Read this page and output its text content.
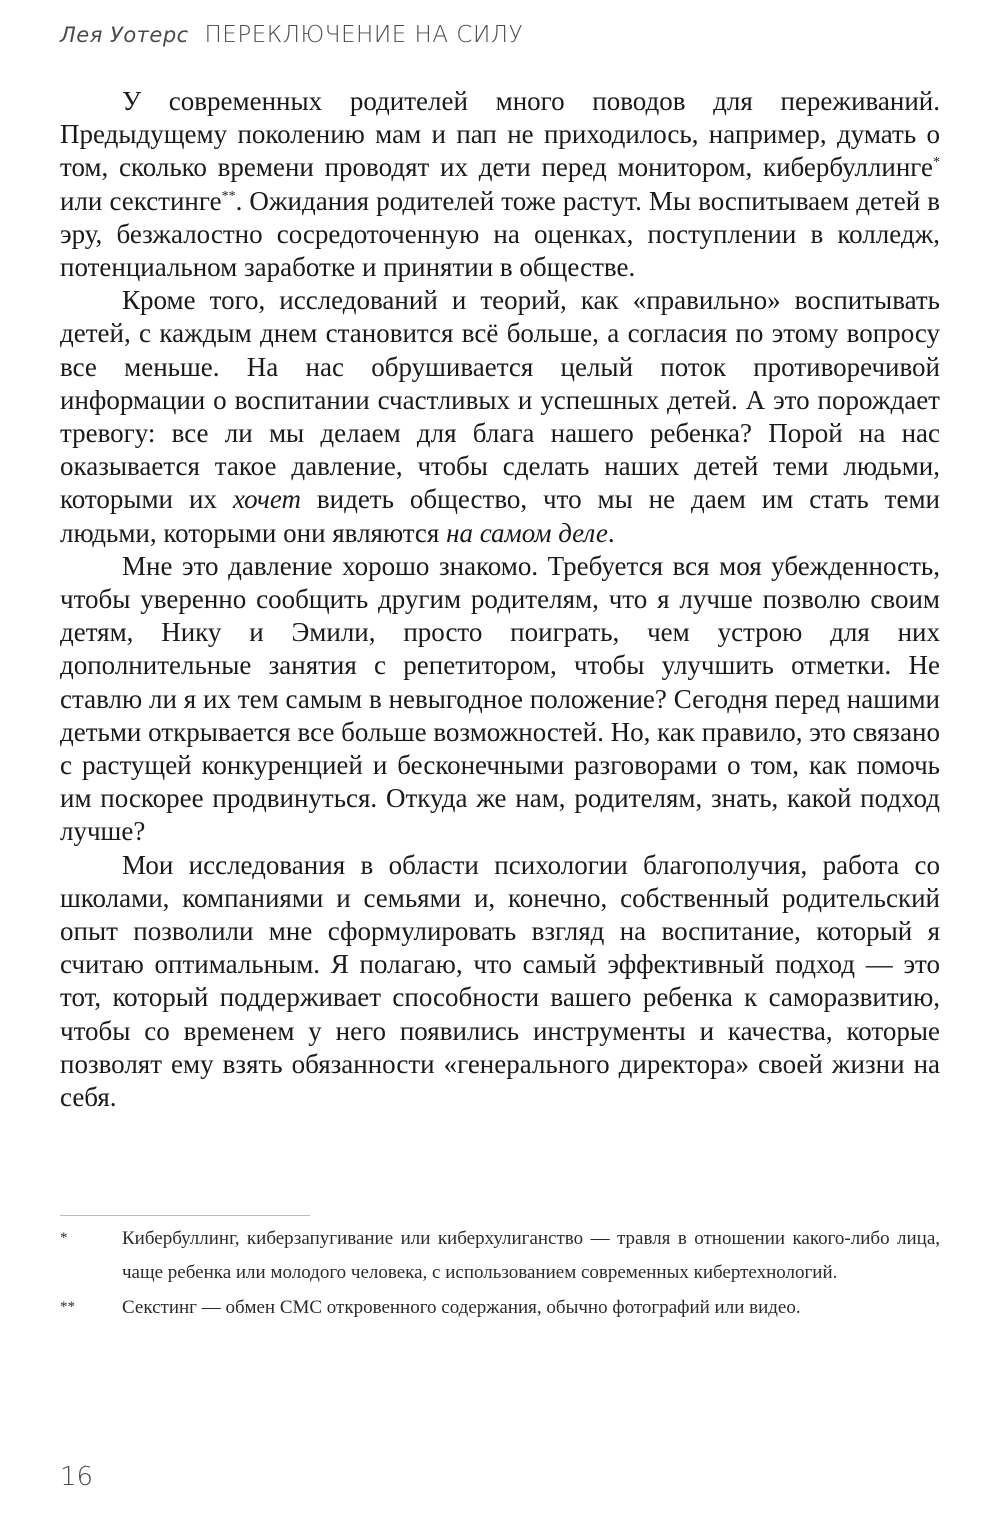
Лея Уотерс ПЕРЕКЛЮЧЕНИЕ НА СИЛУ

У современных родителей много поводов для переживаний. Предыдущему поколению мам и пап не приходилось, например, думать о том, сколько времени проводят их дети перед монитором, кибербуллинге* или секстинге**. Ожидания родителей тоже растут. Мы воспитываем детей в эру, безжалостно сосредоточенную на оценках, поступлении в колледж, потенциальном заработке и принятии в обществе.

Кроме того, исследований и теорий, как «правильно» воспитывать детей, с каждым днем становится всё больше, а согласия по этому вопросу все меньше. На нас обрушивается целый поток противоречивой информации о воспитании счастливых и успешных детей. А это порождает тревогу: все ли мы делаем для блага нашего ребенка? Порой на нас оказывается такое давление, чтобы сделать наших детей теми людьми, которыми их хочет видеть общество, что мы не даем им стать теми людьми, которыми они являются на самом деле.

Мне это давление хорошо знакомо. Требуется вся моя убежденность, чтобы уверенно сообщить другим родителям, что я лучше позволю своим детям, Нику и Эмили, просто поиграть, чем устрою для них дополнительные занятия с репетитором, чтобы улучшить отметки. Не ставлю ли я их тем самым в невыгодное положение? Сегодня перед нашими детьми открывается все больше возможностей. Но, как правило, это связано с растущей конкуренцией и бесконечными разговорами о том, как помочь им поскорее продвинуться. Откуда же нам, родителям, знать, какой подход лучше?

Мои исследования в области психологии благополучия, работа со школами, компаниями и семьями и, конечно, собственный родительский опыт позволили мне сформулировать взгляд на воспитание, который я считаю оптимальным. Я полагаю, что самый эффективный подход — это тот, который поддерживает способности вашего ребенка к саморазвитию, чтобы со временем у него появились инструменты и качества, которые позволят ему взять обязанности «генерального директора» своей жизни на себя.

*	Кибербуллинг, киберзапугивание или киберхулиганство — травля в отношении какого-либо лица, чаще ребенка или молодого человека, с использованием современных кибертехнологий.
** Секстинг — обмен СМС откровенного содержания, обычно фотографий или видео.
16
